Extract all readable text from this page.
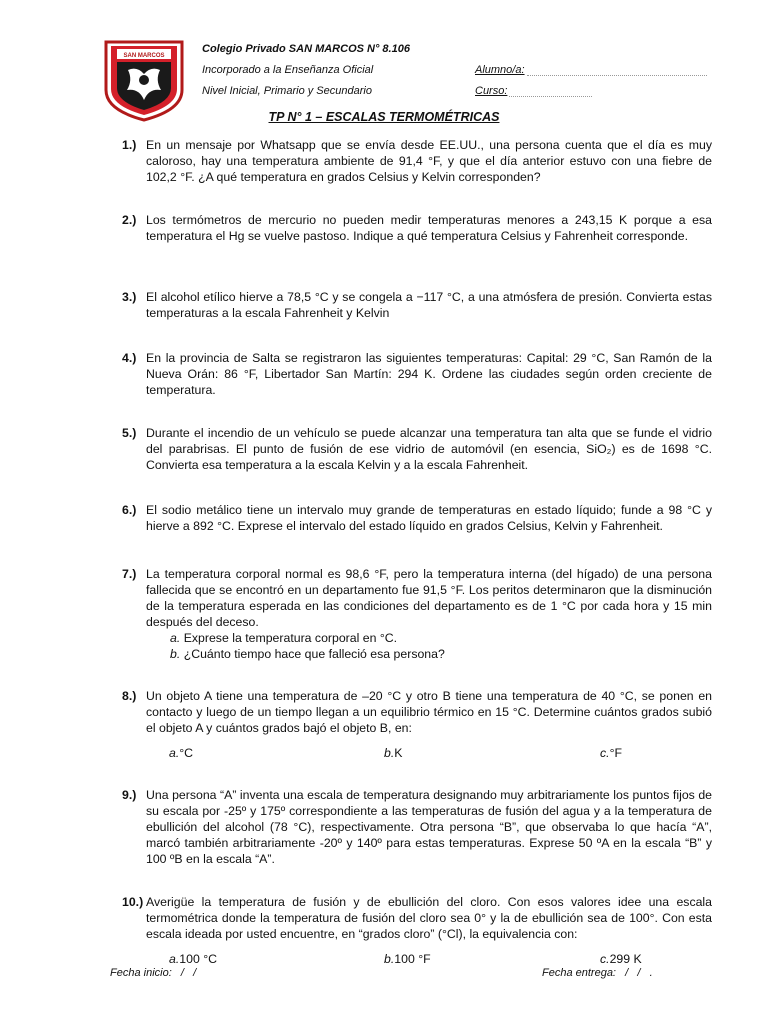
SAN MARCOS
Colegio Privado SAN MARCOS N° 8.106
Incorporado a la Enseñanza Oficial
Nivel Inicial, Primario y Secundario
Alumno/a:
Curso:
TP N° 1 – ESCALAS TERMOMÉTRICAS
1.) En un mensaje por Whatsapp que se envía desde EE.UU., una persona cuenta que el día es muy caloroso, hay una temperatura ambiente de 91,4 °F, y que el día anterior estuvo con una fiebre de 102,2 °F. ¿A qué temperatura en grados Celsius y Kelvin corresponden?
2.) Los termómetros de mercurio no pueden medir temperaturas menores a 243,15 K porque a esa temperatura el Hg se vuelve pastoso. Indique a qué temperatura Celsius y Fahrenheit corresponde.
3.) El alcohol etílico hierve a 78,5 °C y se congela a −117 °C, a una atmósfera de presión. Convierta estas temperaturas a la escala Fahrenheit y Kelvin
4.) En la provincia de Salta se registraron las siguientes temperaturas: Capital: 29 °C, San Ramón de la Nueva Orán: 86 °F, Libertador San Martín: 294 K. Ordene las ciudades según orden creciente de temperatura.
5.) Durante el incendio de un vehículo se puede alcanzar una temperatura tan alta que se funde el vidrio del parabrisas. El punto de fusión de ese vidrio de automóvil (en esencia, SiO₂) es de 1698 °C. Convierta esa temperatura a la escala Kelvin y a la escala Fahrenheit.
6.) El sodio metálico tiene un intervalo muy grande de temperaturas en estado líquido; funde a 98 °C y hierve a 892 °C. Exprese el intervalo del estado líquido en grados Celsius, Kelvin y Fahrenheit.
7.) La temperatura corporal normal es 98,6 °F, pero la temperatura interna (del hígado) de una persona fallecida que se encontró en un departamento fue 91,5 °F. Los peritos determinaron que la disminución de la temperatura esperada en las condiciones del departamento es de 1 °C por cada hora y 15 min después del deceso.
a. Exprese la temperatura corporal en °C.
b. ¿Cuánto tiempo hace que falleció esa persona?
8.) Un objeto A tiene una temperatura de –20 °C y otro B tiene una temperatura de 40 °C, se ponen en contacto y luego de un tiempo llegan a un equilibrio térmico en 15 °C. Determine cuántos grados subió el objeto A y cuántos grados bajó el objeto B, en:
a. °C	b. K	c. °F
9.) Una persona “A” inventa una escala de temperatura designando muy arbitrariamente los puntos fijos de su escala por -25º y 175º correspondiente a las temperaturas de fusión del agua y a la temperatura de ebullición del alcohol (78 °C), respectivamente. Otra persona “B”, que observaba lo que hacía “A”, marcó también arbitrariamente -20º y 140º para estas temperaturas. Exprese 50 ºA en la escala “B” y 100 ºB en la escala “A”.
10.) Averigüe la temperatura de fusión y de ebullición del cloro. Con esos valores idee una escala termométrica donde la temperatura de fusión del cloro sea 0° y la de ebullición sea de 100°. Con esta escala ideada por usted encuentre, en “grados cloro” (°Cl), la equivalencia con:
a. 100 °C	b. 100 °F	c. 299 K
Fecha inicio:   /   /	Fecha entrega:   /   /   .
